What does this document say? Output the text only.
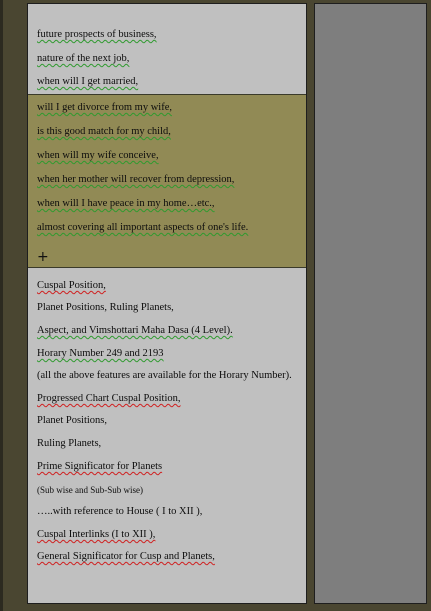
future prospects of business,
nature of the next job,
when will I get married,
will I get divorce from my wife,
is this good match for my child,
when will my wife conceive,
when her mother will recover from depression,
when will I have peace in my home…etc.,
almost covering all important aspects of one's life.
+
Cuspal Position,
Planet Positions, Ruling Planets,
Aspect, and Vimshottari Maha Dasa (4 Level).
Horary Number 249 and 2193
(all the above features are available for the Horary Number).
Progressed Chart Cuspal Position,
Planet Positions,
Ruling Planets,
Prime Significator for Planets
(Sub wise and Sub-Sub wise)
…..with reference to House ( I to XII ),
Cuspal Interlinks (I to XII ),
General Significator for Cusp and Planets,
